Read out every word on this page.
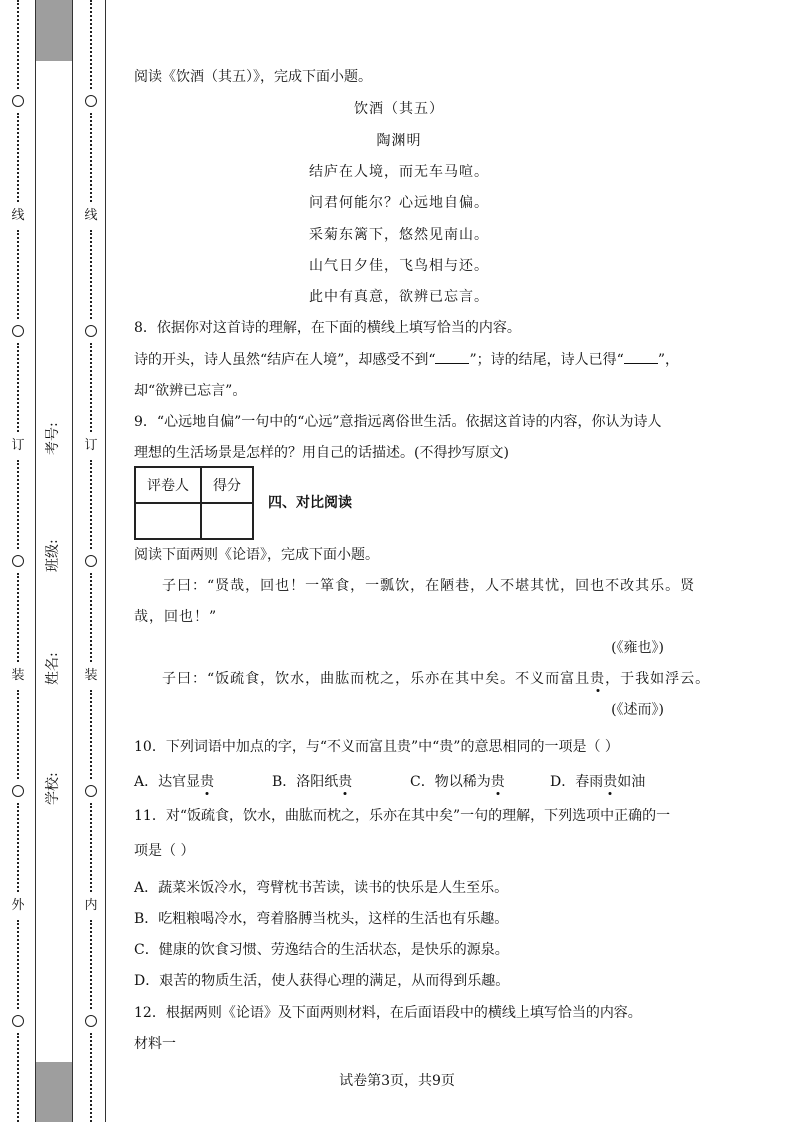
线
订
装
外
考号:
班级:
姓名:
学校:
线
订
装
内
阅读《饮酒（其五）》，完成下面小题。
饮酒（其五）
陶渊明
结庐在人境，而无车马喧。
问君何能尔？心远地自偏。
采菊东篱下，悠然见南山。
山气日夕佳，飞鸟相与还。
此中有真意，欲辨已忘言。
8．依据你对这首诗的理解，在下面的横线上填写恰当的内容。
诗的开头，诗人虽然“结庐在人境”，却感受不到“ ”；诗的结尾，诗人已得“ ”，
却“欲辨已忘言”。
9．“心远地自偏”一句中的“心远”意指远离俗世生活。依据这首诗的内容，你认为诗人
理想的生活场景是怎样的？用自己的话描述。(不得抄写原文)
阅读下面两则《论语》，完成下面小题。
子曰：“贤哉，回也！一箪食，一瓢饮，在陋巷，人不堪其忧，回也不改其乐。贤
哉，回也！”
(《雍也》)
子曰：“饭疏食，饮水，曲肱而枕之，乐亦在其中矣。不义而富且贵，于我如浮云。
(《述而》)
10．下列词语中加点的字，与“不义而富且贵”中“贵”的意思相同的一项是（ ）
A．达官显贵	B．洛阳纸贵	C．物以稀为贵	D．春雨贵如油
11．对“饭疏食，饮水，曲肱而枕之，乐亦在其中矣”一句的理解，下列选项中正确的一
项是（ ）
A．蔬菜米饭冷水，弯臂枕书苦读，读书的快乐是人生至乐。
B．吃粗粮喝冷水，弯着胳膊当枕头，这样的生活也有乐趣。
C．健康的饮食习惯、劳逸结合的生活状态，是快乐的源泉。
D．艰苦的物质生活，使人获得心理的满足，从而得到乐趣。
12．根据两则《论语》及下面两则材料，在后面语段中的横线上填写恰当的内容。
材料一
评卷人	得分

四、对比阅读
试卷第3页，共9页
